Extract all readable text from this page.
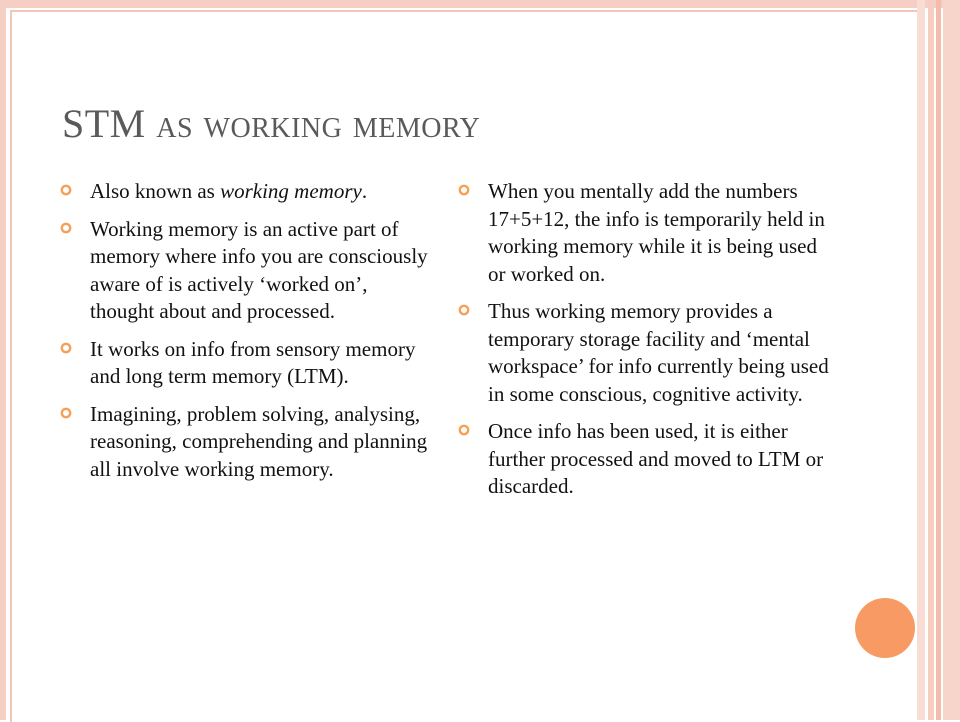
STM as working memory
Also known as working memory.
Working memory is an active part of memory where info you are consciously aware of is actively ‘worked on’, thought about and processed.
It works on info from sensory memory and long term memory (LTM).
Imagining, problem solving, analysing, reasoning, comprehending and planning all involve working memory.
When you mentally add the numbers 17+5+12, the info is temporarily held in working memory while it is being used or worked on.
Thus working memory provides a temporary storage facility and ‘mental workspace’ for info currently being used in some conscious, cognitive activity.
Once info has been used, it is either further processed and moved to LTM or discarded.
